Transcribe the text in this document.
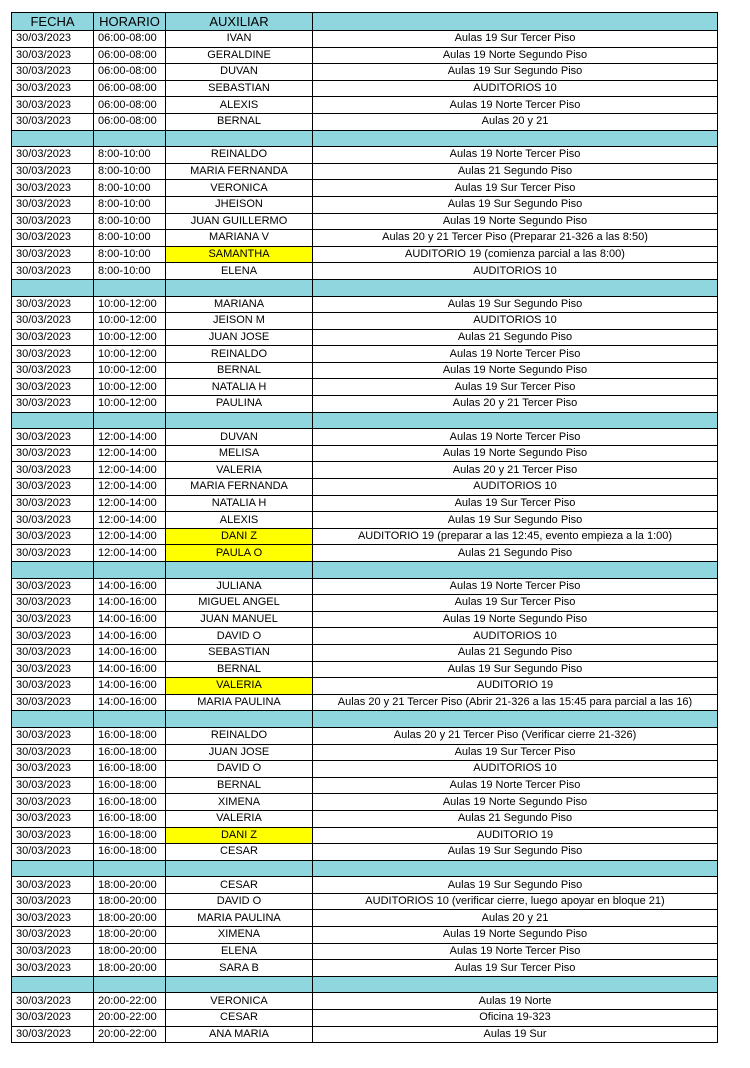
FECHA	HORARIO	AUXILIAR	
30/03/2023	06:00-08:00	IVAN	Aulas 19 Sur Tercer Piso
30/03/2023	06:00-08:00	GERALDINE	Aulas 19 Norte Segundo Piso
30/03/2023	06:00-08:00	DUVAN	Aulas 19 Sur Segundo Piso
30/03/2023	06:00-08:00	SEBASTIAN	AUDITORIOS 10
30/03/2023	06:00-08:00	ALEXIS	Aulas 19 Norte Tercer Piso
30/03/2023	06:00-08:00	BERNAL	Aulas 20 y 21

30/03/2023	8:00-10:00	REINALDO	Aulas 19 Norte Tercer Piso
30/03/2023	8:00-10:00	MARIA FERNANDA	Aulas 21 Segundo Piso
30/03/2023	8:00-10:00	VERONICA	Aulas 19 Sur Tercer Piso
30/03/2023	8:00-10:00	JHEISON	Aulas 19 Sur Segundo Piso
30/03/2023	8:00-10:00	JUAN GUILLERMO	Aulas 19 Norte Segundo Piso
30/03/2023	8:00-10:00	MARIANA V	Aulas 20 y 21 Tercer Piso (Preparar 21-326 a las 8:50)
30/03/2023	8:00-10:00	SAMANTHA	AUDITORIO 19 (comienza parcial a las 8:00)
30/03/2023	8:00-10:00	ELENA	AUDITORIOS 10

30/03/2023	10:00-12:00	MARIANA	Aulas 19 Sur Segundo Piso
30/03/2023	10:00-12:00	JEISON M	AUDITORIOS 10
30/03/2023	10:00-12:00	JUAN JOSE	Aulas 21 Segundo Piso
30/03/2023	10:00-12:00	REINALDO	Aulas 19 Norte Tercer Piso
30/03/2023	10:00-12:00	BERNAL	Aulas 19 Norte Segundo Piso
30/03/2023	10:00-12:00	NATALIA H	Aulas 19 Sur Tercer Piso
30/03/2023	10:00-12:00	PAULINA	Aulas 20 y 21 Tercer Piso

30/03/2023	12:00-14:00	DUVAN	Aulas 19 Norte Tercer Piso
30/03/2023	12:00-14:00	MELISA	Aulas 19 Norte Segundo Piso
30/03/2023	12:00-14:00	VALERIA	Aulas 20 y 21 Tercer Piso
30/03/2023	12:00-14:00	MARIA FERNANDA	AUDITORIOS 10
30/03/2023	12:00-14:00	NATALIA H	Aulas 19 Sur Tercer Piso
30/03/2023	12:00-14:00	ALEXIS	Aulas 19 Sur Segundo Piso
30/03/2023	12:00-14:00	DANI Z	AUDITORIO 19 (preparar a las 12:45, evento empieza a la 1:00)
30/03/2023	12:00-14:00	PAULA O	Aulas 21 Segundo Piso

30/03/2023	14:00-16:00	JULIANA	Aulas 19 Norte Tercer Piso
30/03/2023	14:00-16:00	MIGUEL ANGEL	Aulas 19 Sur Tercer Piso
30/03/2023	14:00-16:00	JUAN MANUEL	Aulas 19 Norte Segundo Piso
30/03/2023	14:00-16:00	DAVID O	AUDITORIOS 10
30/03/2023	14:00-16:00	SEBASTIAN	Aulas 21 Segundo Piso
30/03/2023	14:00-16:00	BERNAL	Aulas 19 Sur Segundo Piso
30/03/2023	14:00-16:00	VALERIA	AUDITORIO 19
30/03/2023	14:00-16:00	MARIA PAULINA	Aulas 20 y 21 Tercer Piso (Abrir 21-326 a las 15:45 para parcial a las 16)

30/03/2023	16:00-18:00	REINALDO	Aulas 20 y 21 Tercer Piso (Verificar cierre 21-326)
30/03/2023	16:00-18:00	JUAN JOSE	Aulas 19 Sur Tercer Piso
30/03/2023	16:00-18:00	DAVID O	AUDITORIOS 10
30/03/2023	16:00-18:00	BERNAL	Aulas 19 Norte Tercer Piso
30/03/2023	16:00-18:00	XIMENA	Aulas 19 Norte Segundo Piso
30/03/2023	16:00-18:00	VALERIA	Aulas 21 Segundo Piso
30/03/2023	16:00-18:00	DANI Z	AUDITORIO 19
30/03/2023	16:00-18:00	CESAR	Aulas 19 Sur Segundo Piso

30/03/2023	18:00-20:00	CESAR	Aulas 19 Sur Segundo Piso
30/03/2023	18:00-20:00	DAVID O	AUDITORIOS 10 (verificar cierre, luego apoyar en bloque 21)
30/03/2023	18:00-20:00	MARIA PAULINA	Aulas 20 y 21
30/03/2023	18:00-20:00	XIMENA	Aulas 19 Norte Segundo Piso
30/03/2023	18:00-20:00	ELENA	Aulas 19 Norte Tercer Piso
30/03/2023	18:00-20:00	SARA B	Aulas 19 Sur Tercer Piso

30/03/2023	20:00-22:00	VERONICA	Aulas 19 Norte
30/03/2023	20:00-22:00	CESAR	Oficina 19-323
30/03/2023	20:00-22:00	ANA MARIA	Aulas 19 Sur
